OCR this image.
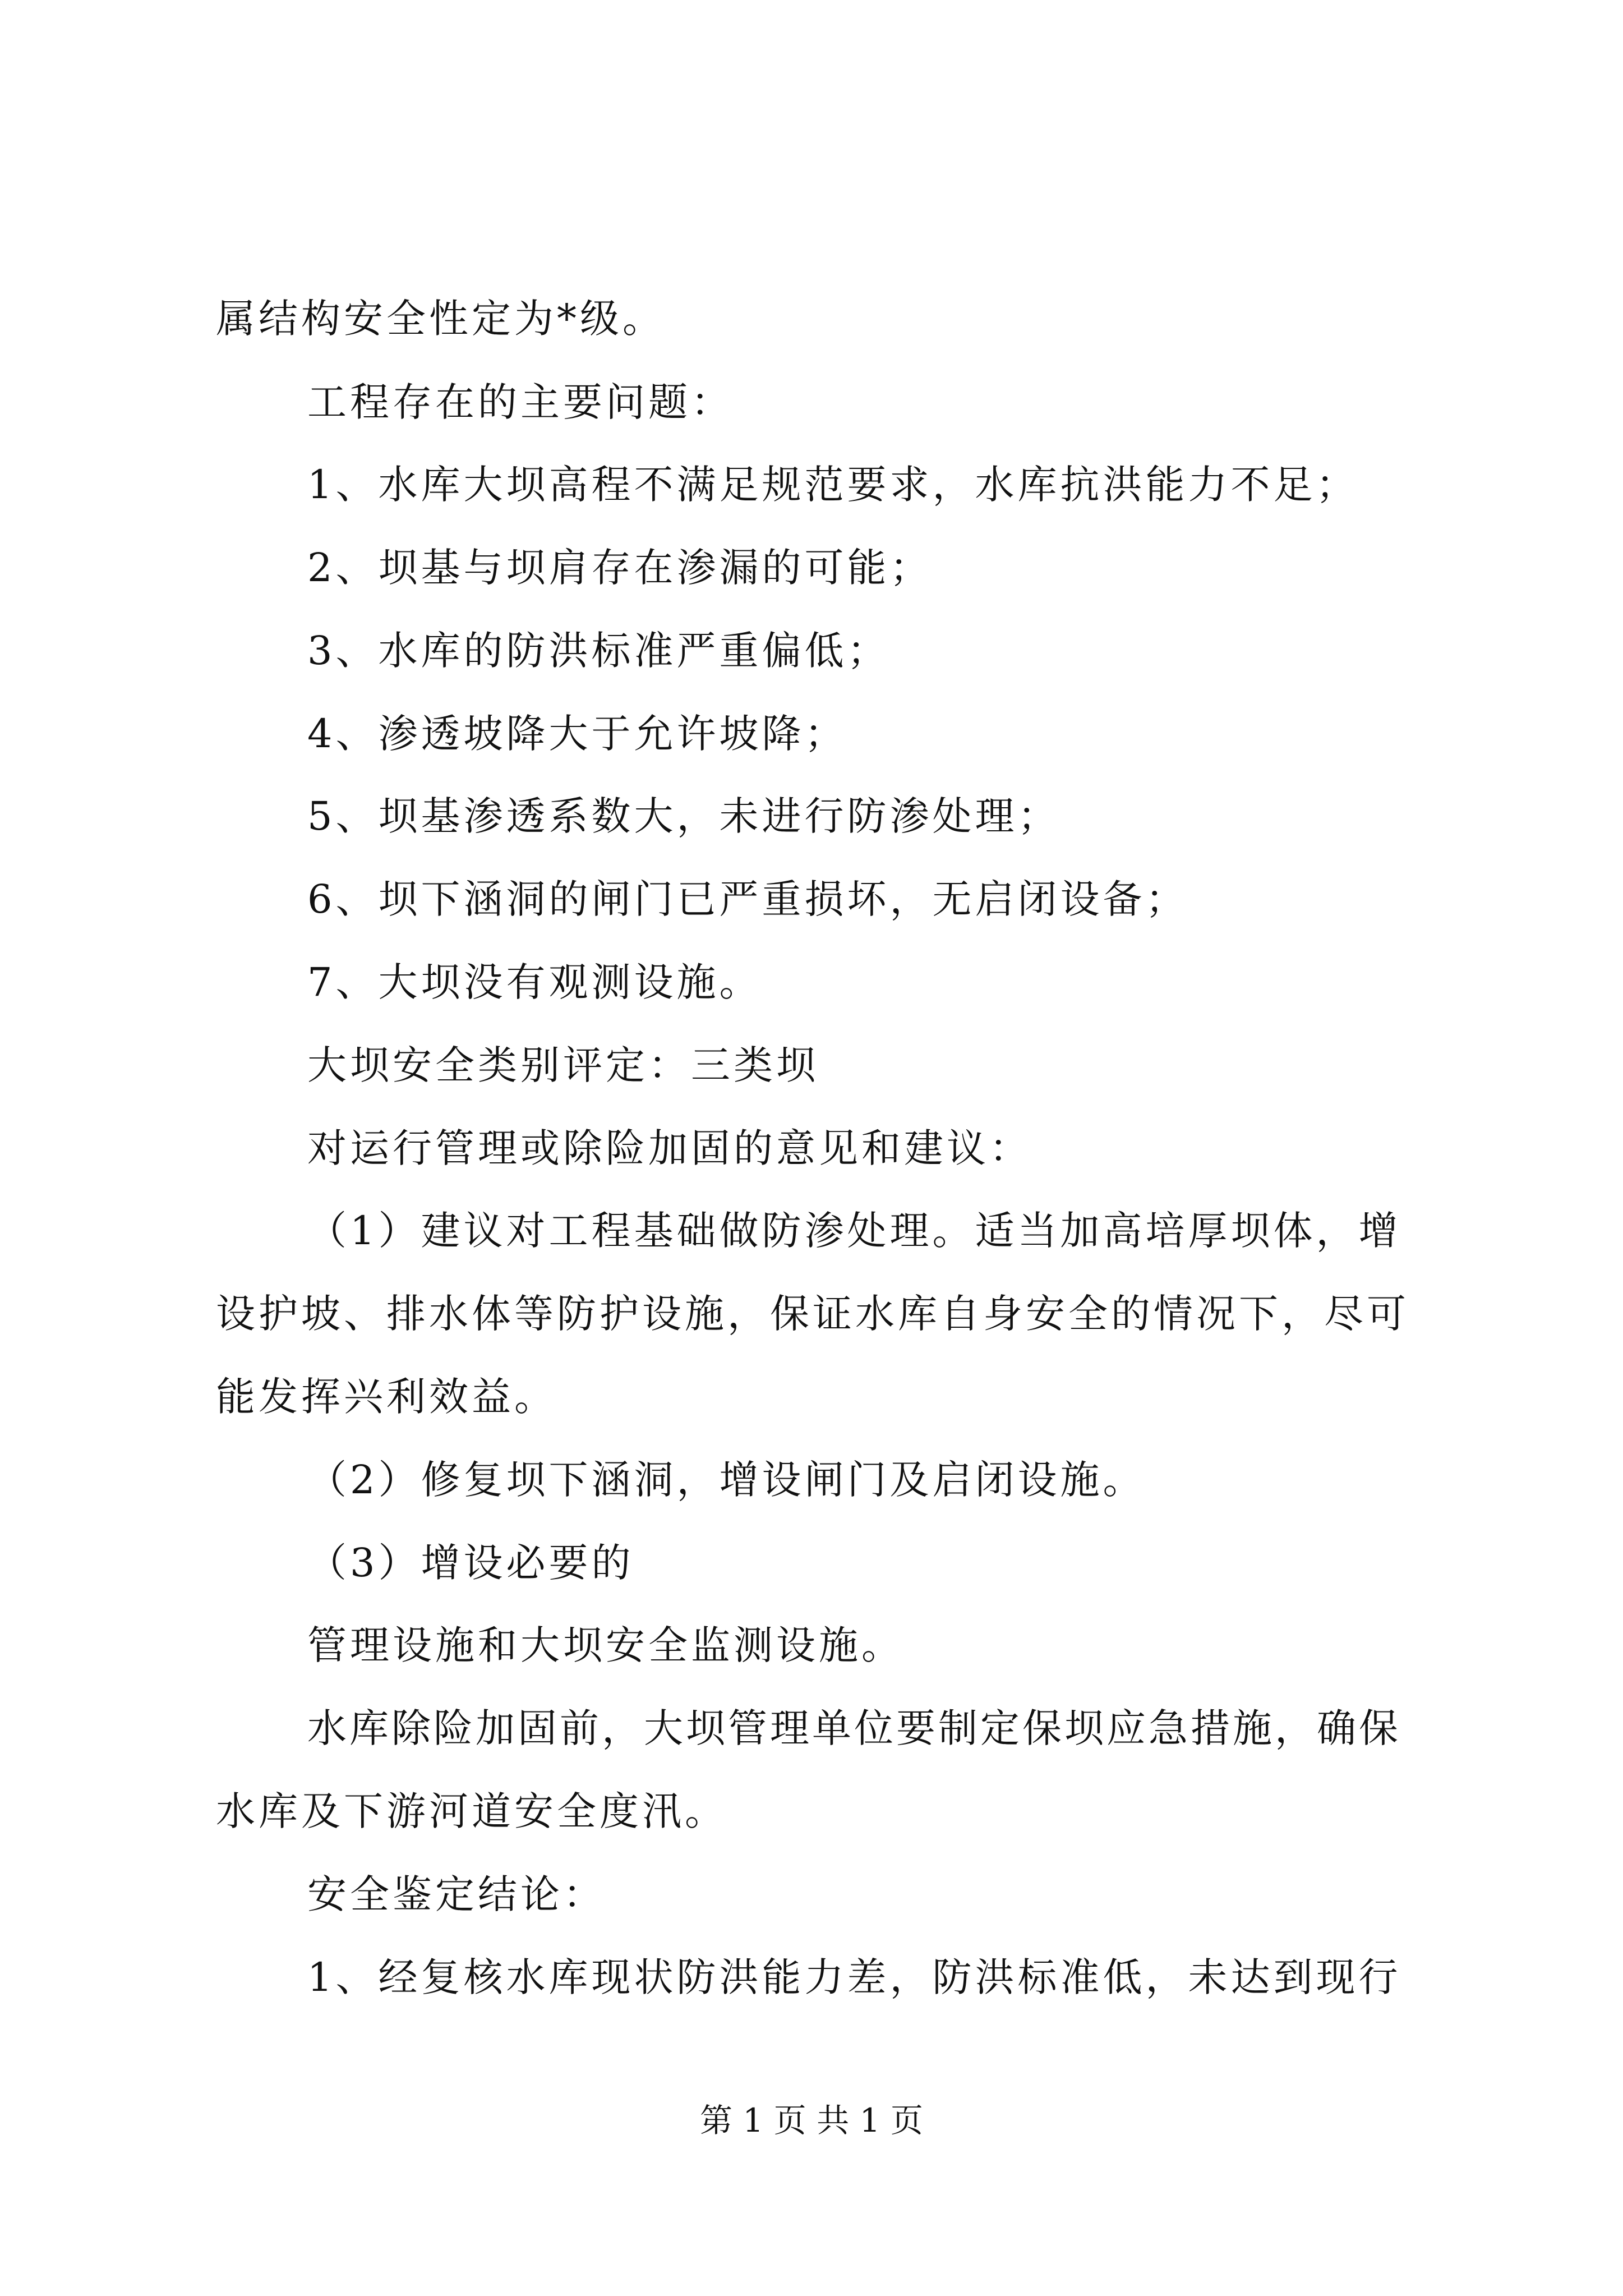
属结构安全性定为*级。
工程存在的主要问题：
1、水库大坝高程不满足规范要求，水库抗洪能力不足；
2、坝基与坝肩存在渗漏的可能；
3、水库的防洪标准严重偏低；
4、渗透坡降大于允许坡降；
5、坝基渗透系数大，未进行防渗处理；
6、坝下涵洞的闸门已严重损坏，无启闭设备；
7、大坝没有观测设施。
大坝安全类别评定：三类坝
对运行管理或除险加固的意见和建议：
（1）建议对工程基础做防渗处理。适当加高培厚坝体，增
设护坡、排水体等防护设施，保证水库自身安全的情况下，尽可
能发挥兴利效益。
（2）修复坝下涵洞，增设闸门及启闭设施。
（3）增设必要的
管理设施和大坝安全监测设施。
水库除险加固前，大坝管理单位要制定保坝应急措施，确保
水库及下游河道安全度汛。
安全鉴定结论：
1、经复核水库现状防洪能力差，防洪标准低，未达到现行
第 1 页 共 1 页
